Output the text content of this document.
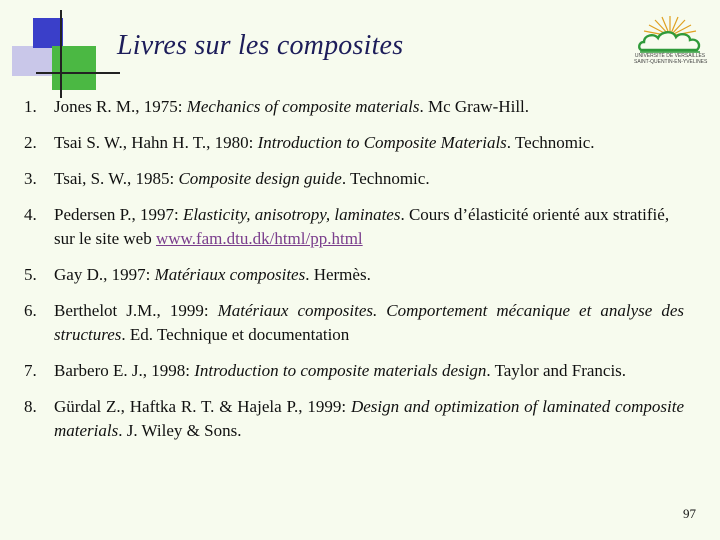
Livres sur les composites	UNIVERSITÉ DE VERSAILLES
SAINT-QUENTIN-EN-YVELINES
1. Jones R. M., 1975: Mechanics of composite materials. Mc Graw-Hill.
2. Tsai S. W., Hahn H. T., 1980: Introduction to Composite Materials. Technomic.
3. Tsai, S. W., 1985: Composite design guide. Technomic.
4. Pedersen P., 1997: Elasticity, anisotropy, laminates. Cours d’élasticité orienté aux stratifié, sur le site web www.fam.dtu.dk/html/pp.html
5. Gay D., 1997: Matériaux composites. Hermès.
6. Berthelot J.M., 1999: Matériaux composites. Comportement mécanique et analyse des structures. Ed. Technique et documentation
7. Barbero E. J., 1998: Introduction to composite materials design. Taylor and Francis.
8. Gürdal Z., Haftka R. T. & Hajela P., 1999: Design and optimization of laminated composite materials. J. Wiley & Sons.
97
